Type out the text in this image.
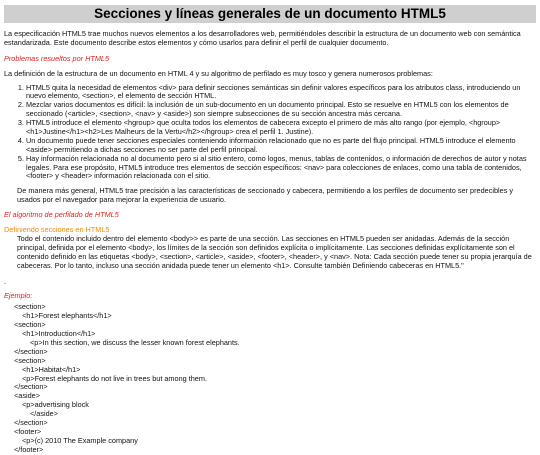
Secciones y líneas generales de un documento HTML5

La especificación HTML5 trae muchos nuevos elementos a los desarrolladores web, permitiéndoles describir la estructura de un documento web con semántica estandarizada. Este documento describe estos elementos y cómo usarlos para definir el perfil de cualquier documento.

Problemas resueltos por HTML5

La definición de la estructura de un documento en HTML 4 y su algoritmo de perfilado es muy tosco y genera numerosos problemas:

1. HTML5 quita la necesidad de elementos <div> para definir secciones semánticas sin definir valores específicos para los atributos class, introduciendo un nuevo elemento, <section>, el elemento de sección HTML.
2. Mezclar varios documentos es difícil: la inclusión de un sub-documento en un documento principal. Esto se resuelve en HTML5 con los elementos de seccionado (<article>, <section>, <nav> y <aside>) son siempre subsecciones de su sección ancestra más cercana.
3. HTML5 introduce el elemento <hgroup> que oculta todos los elementos de cabecera excepto el primero de más alto rango (por ejemplo, <hgroup><h1>Justine</h1><h2>Les Malheurs de la Vertu</h2></hgroup> crea el perfil 1. Justine).
4. Un documento puede tener secciones especiales conteniendo información relacionado que no es parte del flujo principal. HTML5 introduce el elemento <aside> permitiendo a dichas secciones no ser parte del perfil principal.
5. Hay información relacionada no al documento pero si al sitio entero, como logos, menus, tablas de contenidos, o información de derechos de autor y notas legales. Para ese propósito, HTML5 introduce tres elementos de sección específicos: <nav> para colecciones de enlaces, como una tabla de contenidos, <footer> y <header> información relacionada con el sitio.

De manera más general, HTML5 trae precisión a las características de seccionado y cabecera, permitiendo a los perfiles de documento ser predecibles y usados por el navegador para mejorar la experiencia de usuario.

El algoritmo de perfilado de HTML5

Definiendo secciones en HTML5

Todo el contenido incluido dentro del elemento <body>> es parte de una sección. Las secciones en HTML5 pueden ser anidadas. Además de la sección principal, definida por el elemento <body>, los límites de la sección son definidos explícita o implícitamente. Las secciones definidas explícitamente son el contenido definido en las etiquetas <body>, <section>, <article>, <aside>, <footer>, <header>, y <nav>. Nota: Cada sección puede tener su propia jerarquía de cabeceras. Por lo tanto, incluso una sección anidada puede tener un elemento <h1>. Consulte también Definiendo cabeceras en HTML5."

.

Ejemplo:

<section>
<h1>Forest elephants</h1>
<section>
<h1>Introduction</h1>
<p>In this section, we discuss the lesser known forest elephants.
</section>
<section>
<h1>Habitat</h1>
<p>Forest elephants do not live in trees but among them.
</section>
<aside>
<p>advertising block
</aside>
</section>
<footer>
<p>(c) 2010 The Example company
</footer>
